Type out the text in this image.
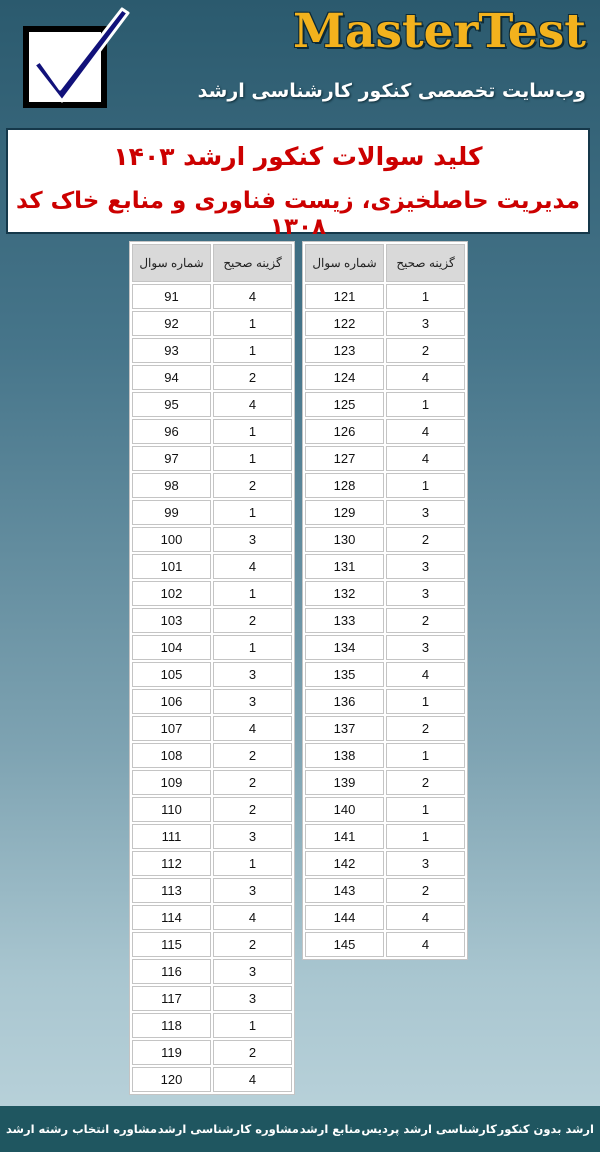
MasterTest
وب‌سایت تخصصی کنکور کارشناسی ارشد
کلید سوالات کنکور ارشد ۱۴۰۳
مدیریت حاصلخیزی، زیست فناوری و منابع خاک کد ۱۳۰۸
شماره سوال	گزینه صحیح
91	4
92	1
93	1
94	2
95	4
96	1
97	1
98	2
99	1
100	3
101	4
102	1
103	2
104	1
105	3
106	3
107	4
108	2
109	2
110	2
111	3
112	1
113	3
114	4
115	2
116	3
117	3
118	1
119	2
120	4
شماره سوال	گزینه صحیح
121	1
122	3
123	2
124	4
125	1
126	4
127	4
128	1
129	3
130	2
131	3
132	3
133	2
134	3
135	4
136	1
137	2
138	1
139	2
140	1
141	1
142	3
143	2
144	4
145	4
ارشد بدون کنکور
کارشناسی ارشد پردیس
منابع ارشد
مشاوره کارشناسی ارشد
مشاوره انتخاب رشته ارشد
